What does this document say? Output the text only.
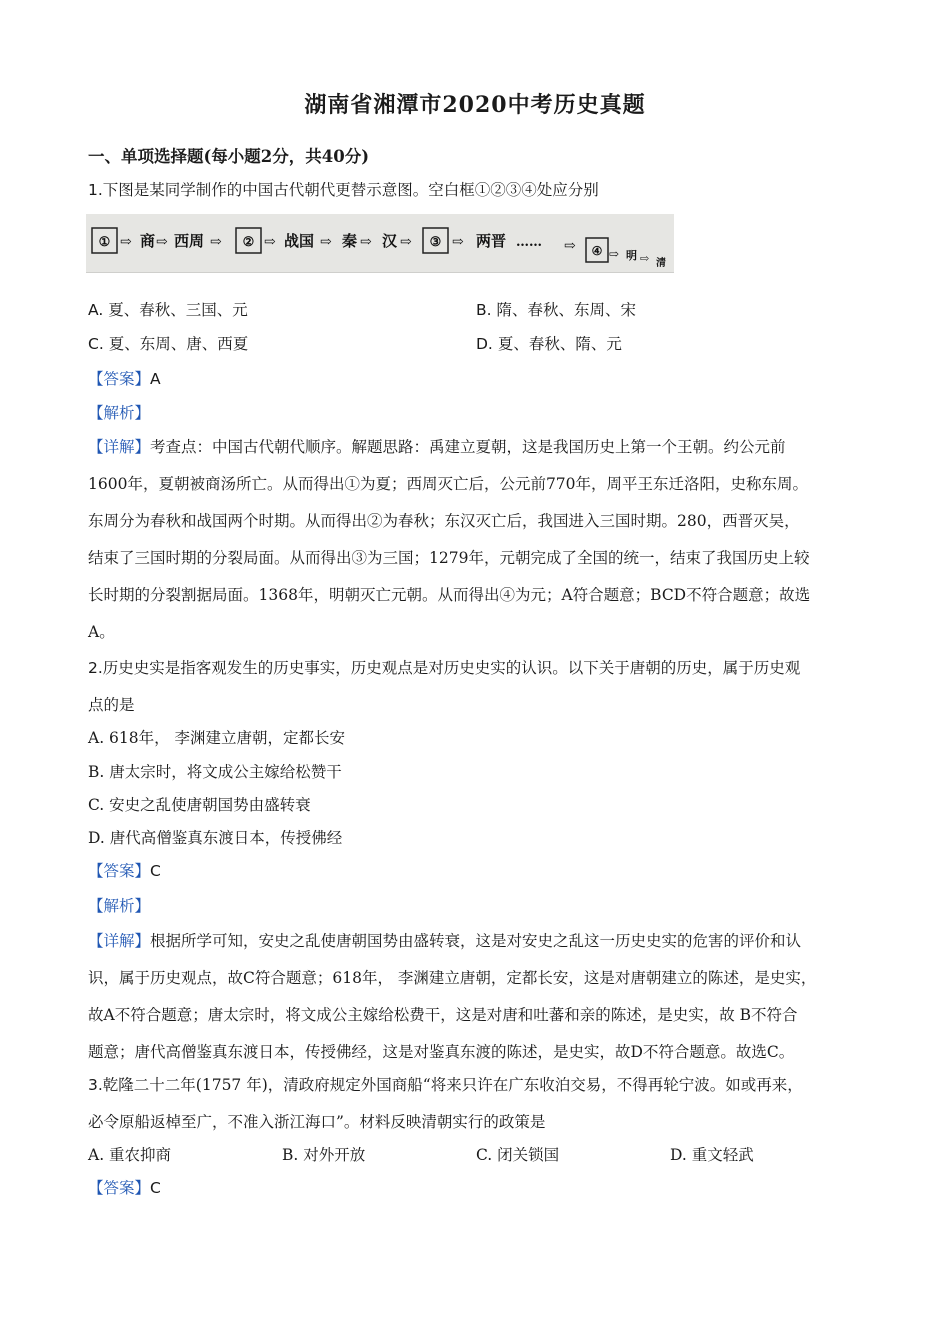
湖南省湘潭市2020中考历史真题
一、单项选择题(每小题2分，共40分)
1.下图是某同学制作的中国古代朝代更替示意图。空白框①②③④处应分别
① ⇨ 商 ⇨ 西周 ⇨ ② ⇨ 战国 ⇨ 秦 ⇨ 汉 ⇨ ③ ⇨ 两晋 …… ⇨ ④ ⇨ 明 ⇨ 清
A. 夏、春秋、三国、元	B. 隋、春秋、东周、宋
C. 夏、东周、唐、西夏	D. 夏、春秋、隋、元
【答案】A
【解析】
【详解】考查点：中国古代朝代顺序。解题思路：禹建立夏朝，这是我国历史上第一个王朝。约公元前
1600年，夏朝被商汤所亡。从而得出①为夏；西周灭亡后，公元前770年，周平王东迁洛阳，史称东周。
东周分为春秋和战国两个时期。从而得出②为春秋；东汉灭亡后，我国进入三国时期。280，西晋灭吴，
结束了三国时期的分裂局面。从而得出③为三国；1279年，元朝完成了全国的统一，结束了我国历史上较
长时期的分裂割据局面。1368年，明朝灭亡元朝。从而得出④为元；A符合题意；BCD不符合题意；故选
A。
2.历史史实是指客观发生的历史事实，历史观点是对历史史实的认识。以下关于唐朝的历史，属于历史观
点的是
A. 618年， 李渊建立唐朝，定都长安
B. 唐太宗时，将文成公主嫁给松赞干
C. 安史之乱使唐朝国势由盛转衰
D. 唐代高僧鉴真东渡日本，传授佛经
【答案】C
【解析】
【详解】根据所学可知，安史之乱使唐朝国势由盛转衰，这是对安史之乱这一历史史实的危害的评价和认
识，属于历史观点，故C符合题意；618年， 李渊建立唐朝，定都长安，这是对唐朝建立的陈述，是史实，
故A不符合题意；唐太宗时，将文成公主嫁给松费干，这是对唐和吐蕃和亲的陈述，是史实，故 B不符合
题意；唐代高僧鉴真东渡日本，传授佛经，这是对鉴真东渡的陈述，是史实，故D不符合题意。故选C。
3.乾隆二十二年(1757 年)，清政府规定外国商船“将来只许在广东收泊交易，不得再轮宁波。如或再来，
必令原船返棹至广，不准入浙江海口”。材料反映清朝实行的政策是
A. 重农抑商	B. 对外开放	C. 闭关锁国	D. 重文轻武
【答案】C
